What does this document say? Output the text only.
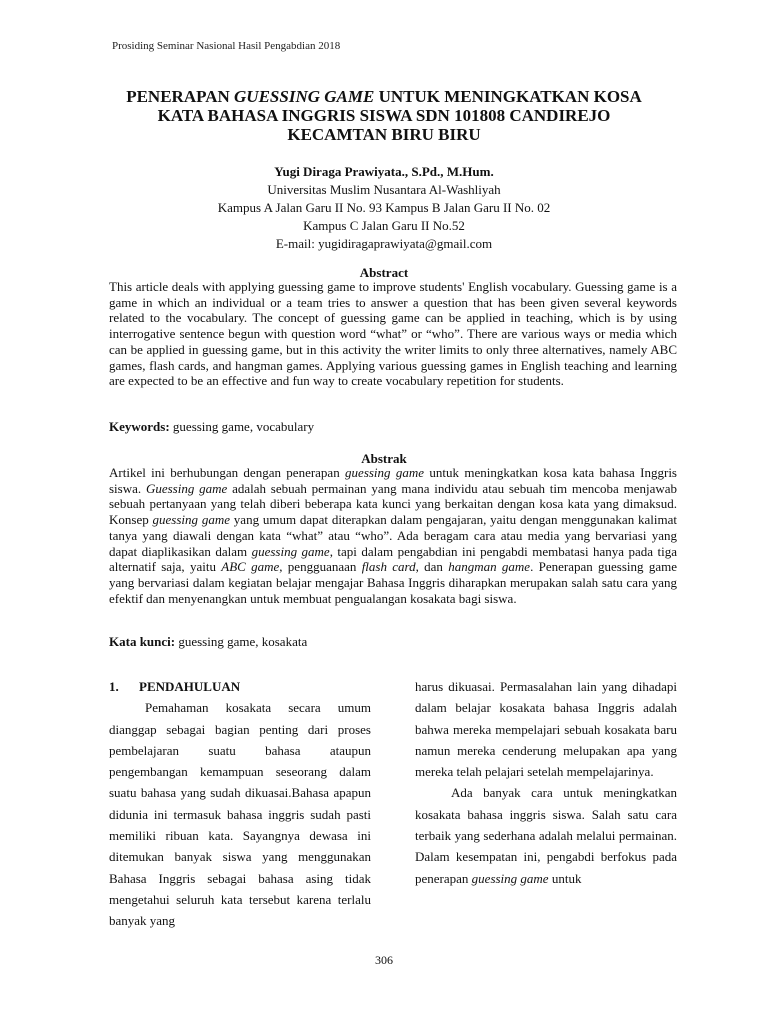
Prosiding Seminar Nasional Hasil Pengabdian 2018
PENERAPAN GUESSING GAME UNTUK MENINGKATKAN KOSA
KATA BAHASA INGGRIS SISWA SDN 101808 CANDIREJO
KECAMTAN BIRU BIRU
Yugi Diraga Prawiyata., S.Pd., M.Hum.
Universitas Muslim Nusantara Al-Washliyah
Kampus A Jalan Garu II No. 93 Kampus B Jalan Garu II No. 02
Kampus C Jalan Garu II No.52
E-mail: yugidiragaprawiyata@gmail.com
Abstract
This article deals with applying guessing game to improve students' English vocabulary. Guessing game is a game in which an individual or a team tries to answer a question that has been given several keywords related to the vocabulary. The concept of guessing game can be applied in teaching, which is by using interrogative sentence begun with question word “what” or “who”. There are various ways or media which can be applied in guessing game, but in this activity the writer limits to only three alternatives, namely ABC games, flash cards, and hangman games. Applying various guessing games in English teaching and learning are expected to be an effective and fun way to create vocabulary repetition for students.
Keywords: guessing game, vocabulary
Abstrak
Artikel ini berhubungan dengan penerapan guessing game untuk meningkatkan kosa kata bahasa Inggris siswa. Guessing game adalah sebuah permainan yang mana individu atau sebuah tim mencoba menjawab sebuah pertanyaan yang telah diberi beberapa kata kunci yang berkaitan dengan kosa kata yang dimaksud. Konsep guessing game yang umum dapat diterapkan dalam pengajaran, yaitu dengan menggunakan kalimat tanya yang diawali dengan kata “what” atau “who”. Ada beragam cara atau media yang bervariasi yang dapat diaplikasikan dalam guessing game, tapi dalam pengabdian ini pengabdi membatasi hanya pada tiga alternatif saja, yaitu ABC game, pengguanaan flash card, dan hangman game. Penerapan guessing game yang bervariasi dalam kegiatan belajar mengajar Bahasa Inggris diharapkan merupakan salah satu cara yang efektif dan menyenangkan untuk membuat pengualangan kosakata bagi siswa.
Kata kunci: guessing game, kosakata
1. PENDAHULUAN
Pemahaman kosakata secara umum dianggap sebagai bagian penting dari proses pembelajaran suatu bahasa ataupun pengembangan kemampuan seseorang dalam suatu bahasa yang sudah dikuasai.Bahasa apapun didunia ini termasuk bahasa inggris sudah pasti memiliki ribuan kata. Sayangnya dewasa ini ditemukan banyak siswa yang menggunakan Bahasa Inggris sebagai bahasa asing tidak mengetahui seluruh kata tersebut karena terlalu banyak yang
harus dikuasai. Permasalahan lain yang dihadapi dalam belajar kosakata bahasa Inggris adalah bahwa mereka mempelajari sebuah kosakata baru namun mereka cenderung melupakan apa yang mereka telah pelajari setelah mempelajarinya.
Ada banyak cara untuk meningkatkan kosakata bahasa inggris siswa. Salah satu cara terbaik yang sederhana adalah melalui permainan. Dalam kesempatan ini, pengabdi berfokus pada penerapan guessing game untuk
306
